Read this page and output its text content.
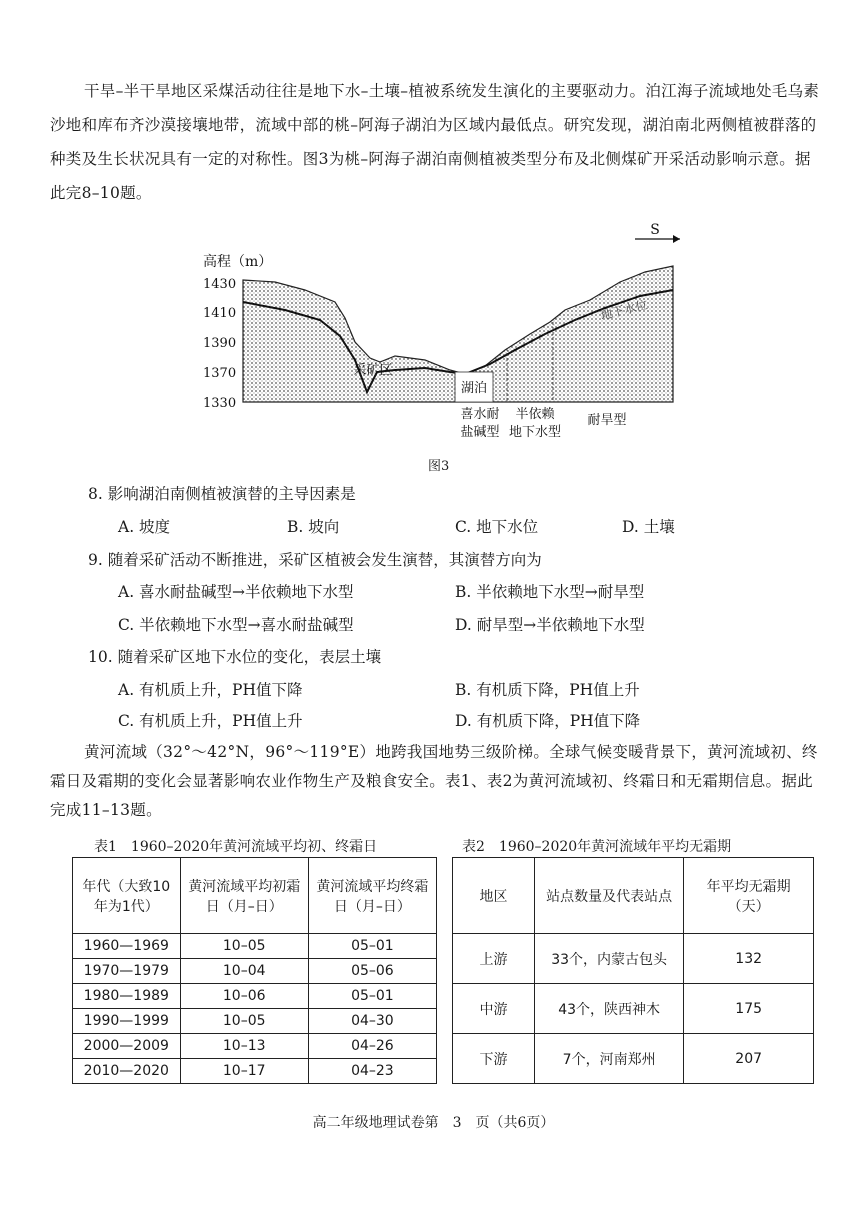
干旱–半干旱地区采煤活动往往是地下水–土壤–植被系统发生演化的主要驱动力。泊江海子流域地处毛乌素沙地和库布齐沙漠接壤地带，流域中部的桃–阿海子湖泊为区域内最低点。研究发现，湖泊南北两侧植被群落的种类及生长状况具有一定的对称性。图3为桃–阿海子湖泊南侧植被类型分布及北侧煤矿开采活动影响示意。据此完8–10题。
S
高程（m）
1430
1410
1390
1370
1330
湖泊
采矿区
地下水位
喜水耐
盐碱型
半依赖
地下水型
耐旱型
图3
8. 影响湖泊南侧植被演替的主导因素是
A. 坡度	B. 坡向	C. 地下水位	D. 土壤
9. 随着采矿活动不断推进，采矿区植被会发生演替，其演替方向为
A. 喜水耐盐碱型→半依赖地下水型	B. 半依赖地下水型→耐旱型
C. 半依赖地下水型→喜水耐盐碱型	D. 耐旱型→半依赖地下水型
10. 随着采矿区地下水位的变化，表层土壤
A. 有机质上升，PH值下降	B. 有机质下降，PH值上升
C. 有机质上升，PH值上升	D. 有机质下降，PH值下降
黄河流域（32°～42°N，96°～119°E）地跨我国地势三级阶梯。全球气候变暖背景下，黄河流域初、终霜日及霜期的变化会显著影响农业作物生产及粮食安全。表1、表2为黄河流域初、终霜日和无霜期信息。据此完成11–13题。
表1　1960–2020年黄河流域平均初、终霜日
年代（大致10年为1代）	黄河流域平均初霜日（月–日）	黄河流域平均终霜日（月–日）
1960—1969	10–05	05–01
1970—1979	10–04	05–06
1980—1989	10–06	05–01
1990—1999	10–05	04–30
2000—2009	10–13	04–26
2010—2020	10–17	04–23
表2　1960–2020年黄河流域年平均无霜期
地区	站点数量及代表站点	年平均无霜期（天）
上游	33个，内蒙古包头	132
中游	43个，陕西神木	175
下游	7个，河南郑州	207
高二年级地理试卷第　3　页（共6页）
